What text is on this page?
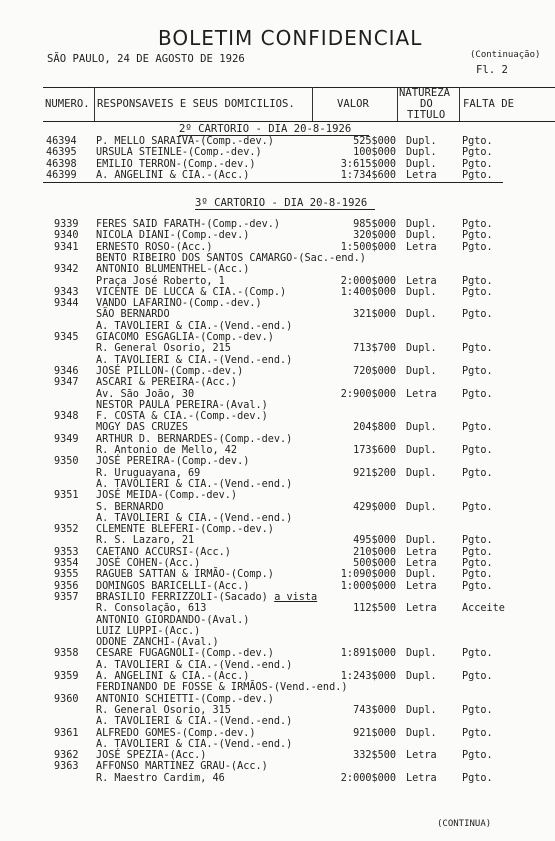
BOLETIM CONFIDENCIAL
SÃO PAULO, 24 DE AGOSTO DE 1926	(Continuação)
Fl. 2
NUMERO. RESPONSAVEIS E SEUS DOMICILIOS.	VALOR
NATUREZA
DO
TITULO
FALTA DE
2º CARTORIO - DIA 20-8-1926
46394 P. MELLO SARAIVA-(Comp.-dev.)	525$000 Dupl. Pgto.
46395 URSULA STEINLE-(Comp.-dev.)	100$000 Dupl. Pgto.
46398 EMILIO TERRON-(Comp.-dev.)	3:615$000 Dupl. Pgto.
46399 A. ANGELINI & CIA.-(Acc.)	1:734$600 Letra Pgto.
3º CARTORIO - DIA 20-8-1926
9339 FERES SAID FARATH-(Comp.-dev.)	985$000 Dupl. Pgto.
9340 NICOLA DIANI-(Comp.-dev.)	320$000 Dupl. Pgto.
9341 ERNESTO ROSO-(Acc.)	1:500$000 Letra Pgto.
BENTO RIBEIRO DOS SANTOS CAMARGO-(Sac.-end.)
9342 ANTONIO BLUMENTHEL-(Acc.)
Praça José Roberto, 1	2:000$000 Letra Pgto.
9343 VICENTE DE LUCCA & CIA.-(Comp.)	1:400$000 Dupl. Pgto.
9344 VANDO LAFARINO-(Comp.-dev.)
SÃO BERNARDO	321$000 Dupl. Pgto.
A. TAVOLIERI & CIA.-(Vend.-end.)
9345 GIACOMO ESGAGLIA-(Comp.-dev.)
R. General Osorio, 215	713$700 Dupl. Pgto.
A. TAVOLIERI & CIA.-(Vend.-end.)
9346 JOSÉ PILLON-(Comp.-dev.)	720$000 Dupl. Pgto.
9347 ASCARI & PEREIRA-(Acc.)
Av. São João, 30	2:900$000 Letra Pgto.
NESTOR PAULA PEREIRA-(Aval.)
9348 F. COSTA & CIA.-(Comp.-dev.)
MOGY DAS CRUZES	204$800 Dupl. Pgto.
9349 ARTHUR D. BERNARDES-(Comp.-dev.)
R. Antonio de Mello, 42	173$600 Dupl. Pgto.
9350 JOSÉ PEREIRA-(Comp.-dev.)
R. Uruguayana, 69	921$200 Dupl. Pgto.
A. TAVOLIERI & CIA.-(Vend.-end.)
9351 JOSÉ MEIDA-(Comp.-dev.)
S. BERNARDO	429$000 Dupl. Pgto.
A. TAVOLIERI & CIA.-(Vend.-end.)
9352 CLEMENTE BLEFERI-(Comp.-dev.)
R. S. Lazaro, 21	495$000 Dupl. Pgto.
9353 CAETANO ACCURSI-(Acc.)	210$000 Letra Pgto.
9354 JOSÉ COHEN-(Acc.)	500$000 Letra Pgto.
9355 RAGUEB SATTAN & IRMÃO-(Comp.)	1:090$000 Dupl. Pgto.
9356 DOMINGOS BARICELLI-(Acc.)	1:000$000 Letra Pgto.
9357 BRASILIO FERRIZZOLI-(Sacado) a vista
R. Consolação, 613	112$500 Letra Acceite
ANTONIO GIORDANDO-(Aval.)
LUIZ LUPPI-(Acc.)
ODONE ZANCHI-(Aval.)
9358 CESARE FUGAGNOLI-(Comp.-dev.)	1:891$000 Dupl. Pgto.
A. TAVOLIERI & CIA.-(Vend.-end.)
9359 A. ANGELINI & CIA.-(Acc.)	1:243$000 Dupl. Pgto.
FERDINANDO DE FOSSE & IRMÃOS-(Vend.-end.)
9360 ANTONIO SCHIETTI-(Comp.-dev.)
R. General Osorio, 315	743$000 Dupl. Pgto.
A. TAVOLIERI & CIA.-(Vend.-end.)
9361 ALFREDO GOMES-(Comp.-dev.)	921$000 Dupl. Pgto.
A. TAVOLIERI & CIA.-(Vend.-end.)
9362 JOSÉ SPEZIA-(Acc.)	332$500 Letra Pgto.
9363 AFFONSO MARTINEZ GRAU-(Acc.)
R. Maestro Cardim, 46	2:000$000 Letra Pgto.
(CONTINUA)
